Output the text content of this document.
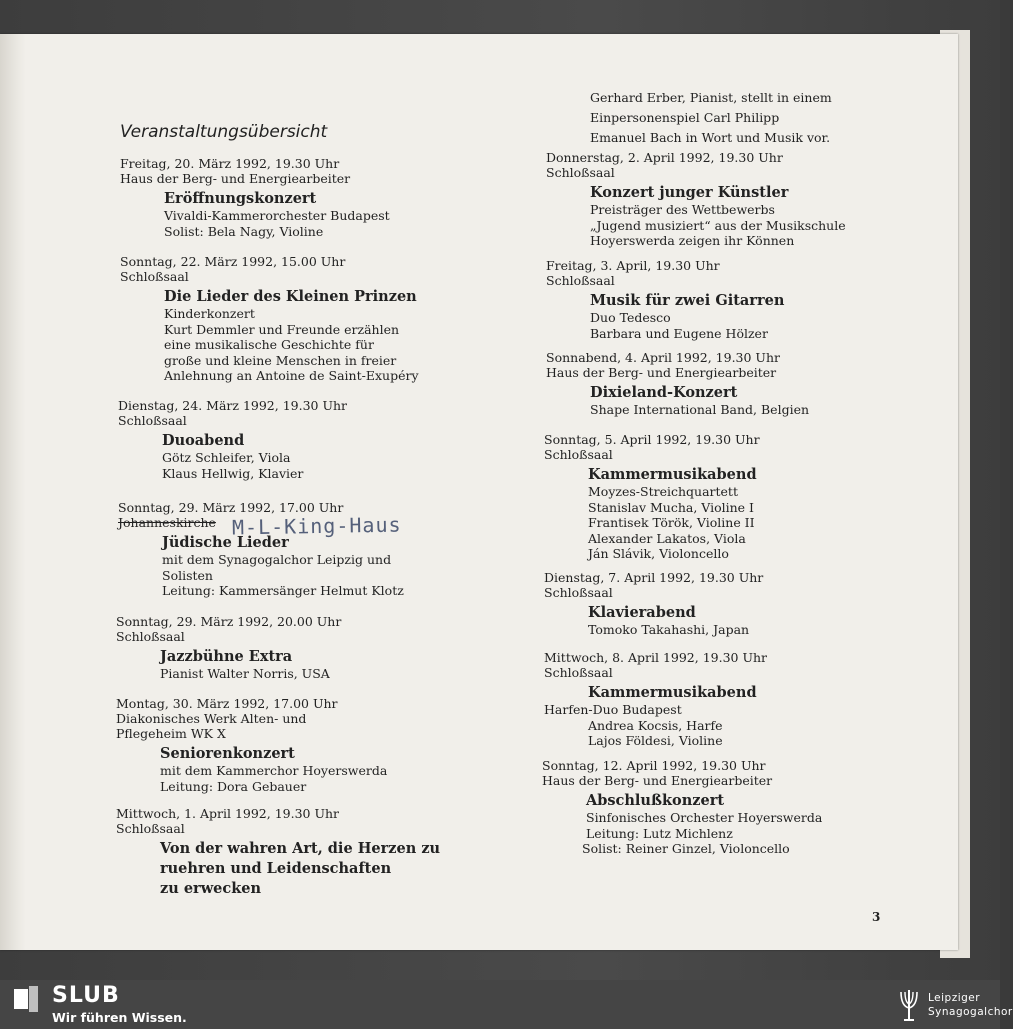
Veranstaltungsübersicht
Freitag, 20. März 1992, 19.30 Uhr
Haus der Berg- und Energiearbeiter
Eröffnungskonzert
Vivaldi-Kammerorchester Budapest
Solist: Bela Nagy, Violine
Sonntag, 22. März 1992, 15.00 Uhr
Schloßsaal
Die Lieder des Kleinen Prinzen
Kinderkonzert
Kurt Demmler und Freunde erzählen
eine musikalische Geschichte für
große und kleine Menschen in freier
Anlehnung an Antoine de Saint-Exupéry
Dienstag, 24. März 1992, 19.30 Uhr
Schloßsaal
Duoabend
Götz Schleifer, Viola
Klaus Hellwig, Klavier
Sonntag, 29. März 1992, 17.00 Uhr
Johanneskirche
Jüdische Lieder
mit dem Synagogalchor Leipzig und
Solisten
Leitung: Kammersänger Helmut Klotz
M-L-King-Haus
Sonntag, 29. März 1992, 20.00 Uhr
Schloßsaal
Jazzbühne Extra
Pianist Walter Norris, USA
Montag, 30. März 1992, 17.00 Uhr
Diakonisches Werk Alten- und
Pflegeheim WK X
Seniorenkonzert
mit dem Kammerchor Hoyerswerda
Leitung: Dora Gebauer
Mittwoch, 1. April 1992, 19.30 Uhr
Schloßsaal
Von der wahren Art, die Herzen zu
ruehren und Leidenschaften
zu erwecken
Gerhard Erber, Pianist, stellt in einem
Einpersonenspiel Carl Philipp
Emanuel Bach in Wort und Musik vor.
Donnerstag, 2. April 1992, 19.30 Uhr
Schloßsaal
Konzert junger Künstler
Preisträger des Wettbewerbs
„Jugend musiziert“ aus der Musikschule
Hoyerswerda zeigen ihr Können
Freitag, 3. April, 19.30 Uhr
Schloßsaal
Musik für zwei Gitarren
Duo Tedesco
Barbara und Eugene Hölzer
Sonnabend, 4. April 1992, 19.30 Uhr
Haus der Berg- und Energiearbeiter
Dixieland-Konzert
Shape International Band, Belgien
Sonntag, 5. April 1992, 19.30 Uhr
Schloßsaal
Kammermusikabend
Moyzes-Streichquartett
Stanislav Mucha, Violine I
Frantisek Török, Violine II
Alexander Lakatos, Viola
Ján Slávik, Violoncello
Dienstag, 7. April 1992, 19.30 Uhr
Schloßsaal
Klavierabend
Tomoko Takahashi, Japan
Mittwoch, 8. April 1992, 19.30 Uhr
Schloßsaal
Kammermusikabend
Harfen-Duo Budapest
Andrea Kocsis, Harfe
Lajos Földesi, Violine
Sonntag, 12. April 1992, 19.30 Uhr
Haus der Berg- und Energiearbeiter
Abschlußkonzert
Sinfonisches Orchester Hoyerswerda
Leitung: Lutz Michlenz
Solist: Reiner Ginzel, Violoncello
3
SLUB
Wir führen Wissen.
Leipziger
Synagogalchor
